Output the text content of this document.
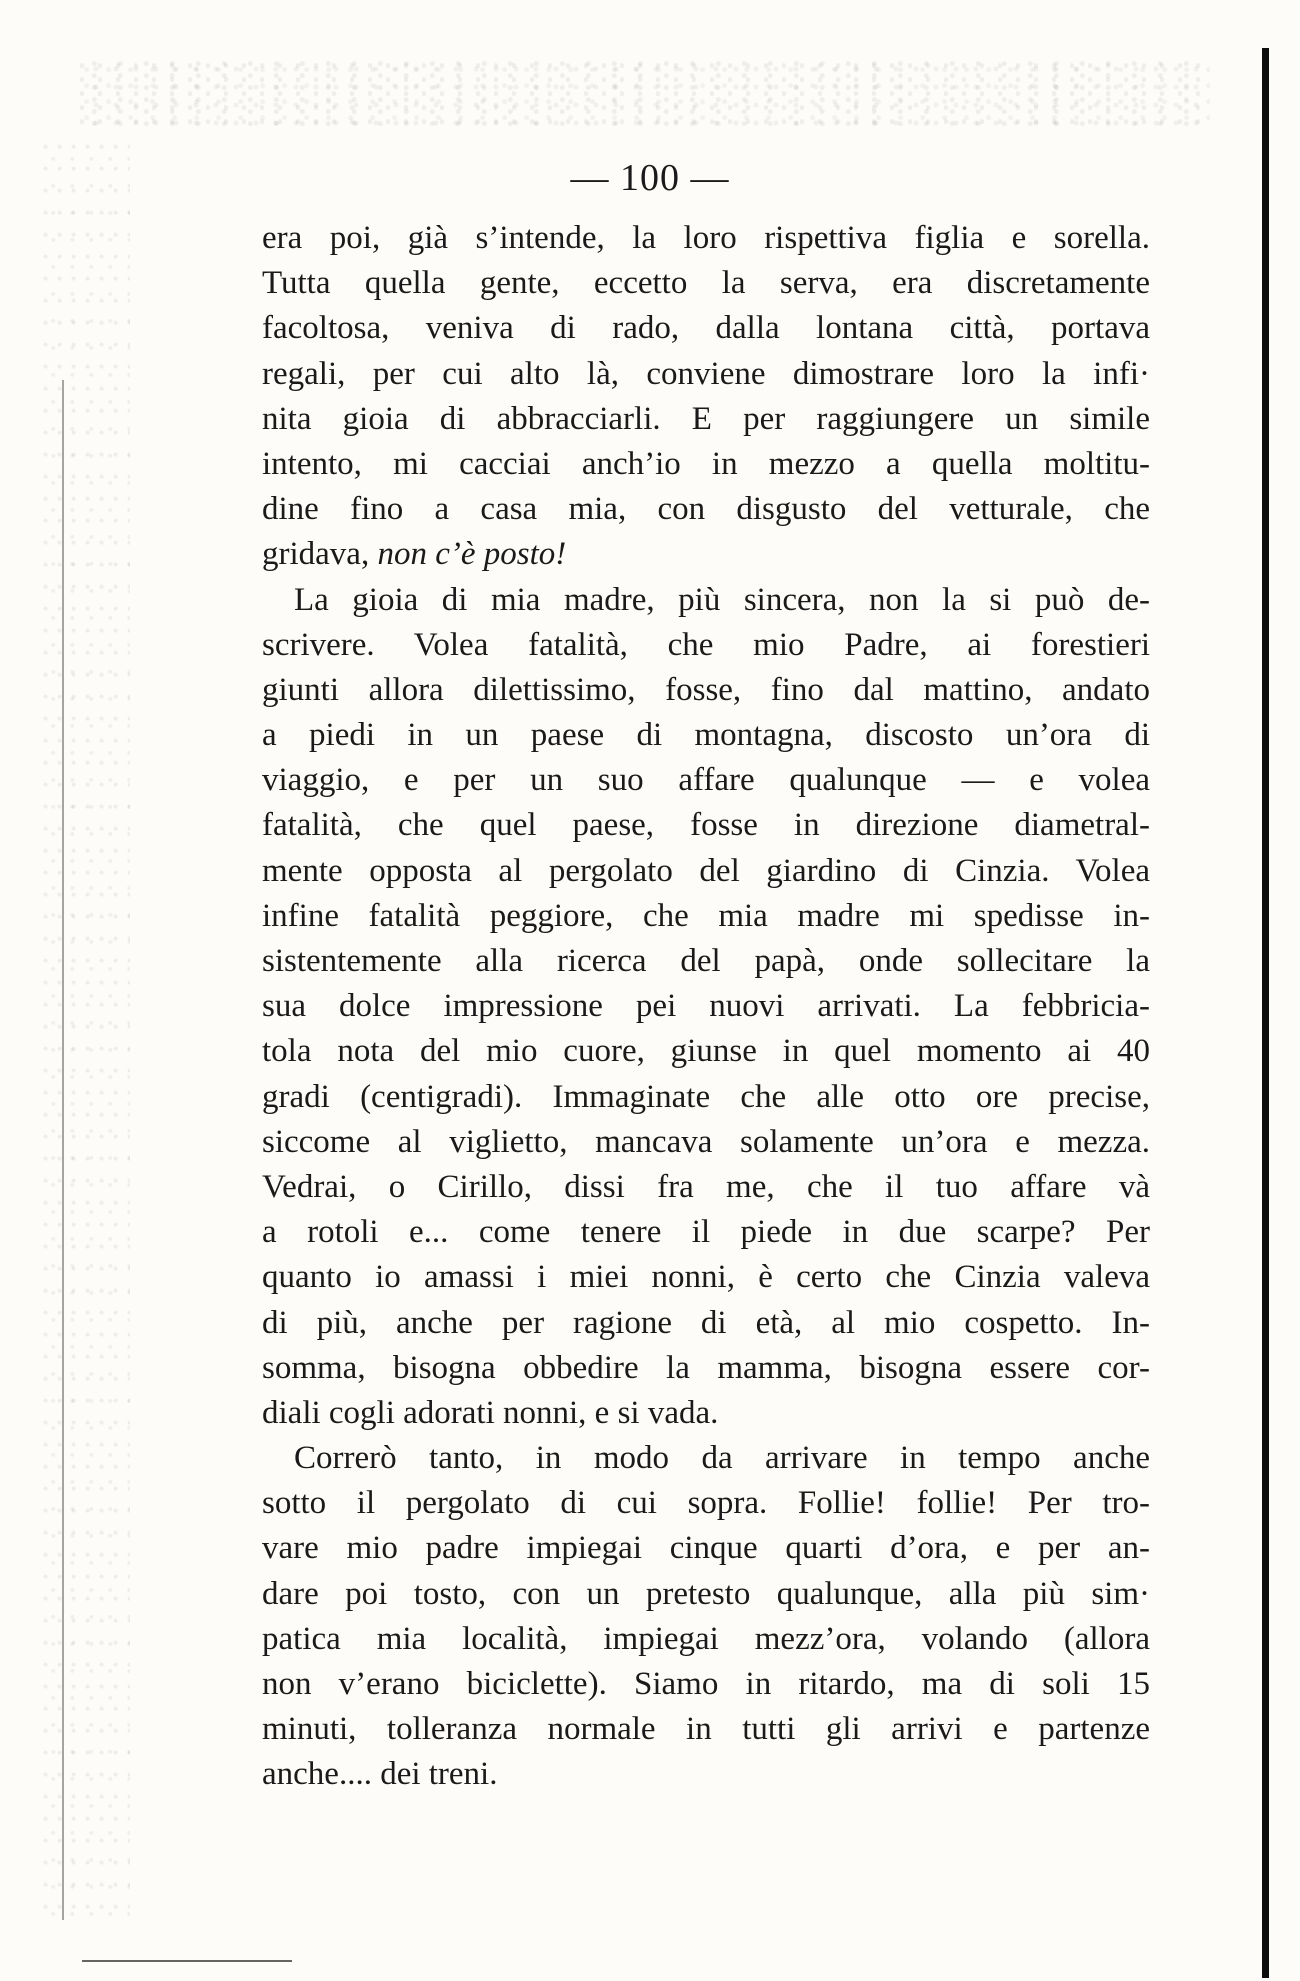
— 100 —
era poi, già s’intende, la loro rispettiva figlia e sorella.
Tutta quella gente, eccetto la serva, era discretamente
facoltosa, veniva di rado, dalla lontana città, portava
regali, per cui alto là, conviene dimostrare loro la infi·
nita gioia di abbracciarli. E per raggiungere un simile
intento, mi cacciai anch’io in mezzo a quella moltitu-
dine fino a casa mia, con disgusto del vetturale, che
gridava, non c’è posto!
La gioia di mia madre, più sincera, non la si può de-
scrivere. Volea fatalità, che mio Padre, ai forestieri
giunti allora dilettissimo, fosse, fino dal mattino, andato
a piedi in un paese di montagna, discosto un’ora di
viaggio, e per un suo affare qualunque — e volea
fatalità, che quel paese, fosse in direzione diametral-
mente opposta al pergolato del giardino di Cinzia. Volea
infine fatalità peggiore, che mia madre mi spedisse in-
sistentemente alla ricerca del papà, onde sollecitare la
sua dolce impressione pei nuovi arrivati. La febbricia-
tola nota del mio cuore, giunse in quel momento ai 40
gradi (centigradi). Immaginate che alle otto ore precise,
siccome al viglietto, mancava solamente un’ora e mezza.
Vedrai, o Cirillo, dissi fra me, che il tuo affare và
a rotoli e... come tenere il piede in due scarpe? Per
quanto io amassi i miei nonni, è certo che Cinzia valeva
di più, anche per ragione di età, al mio cospetto. In-
somma, bisogna obbedire la mamma, bisogna essere cor-
diali cogli adorati nonni, e si vada.
Correrò tanto, in modo da arrivare in tempo anche
sotto il pergolato di cui sopra. Follie! follie! Per tro-
vare mio padre impiegai cinque quarti d’ora, e per an-
dare poi tosto, con un pretesto qualunque, alla più sim·
patica mia località, impiegai mezz’ora, volando (allora
non v’erano biciclette). Siamo in ritardo, ma di soli 15
minuti, tolleranza normale in tutti gli arrivi e partenze
anche.... dei treni.
